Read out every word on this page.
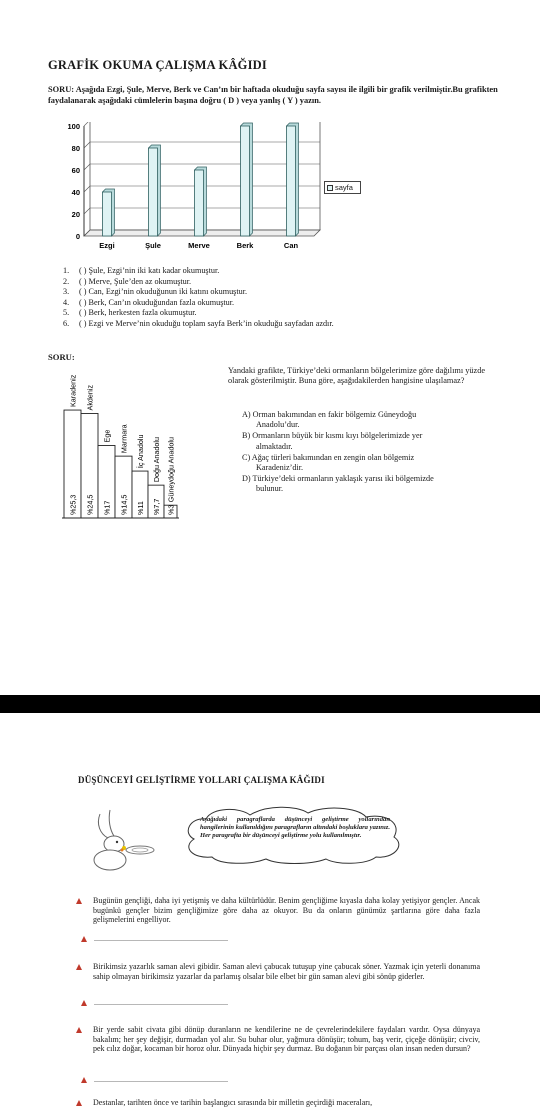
GRAFİK OKUMA ÇALIŞMA KÂĞIDI
SORU: Aşağıda Ezgi, Şule, Merve, Berk ve Can’ın bir haftada okuduğu sayfa sayısı ile ilgili bir grafik verilmiştir.Bu grafikten faydalanarak aşağıdaki cümlelerin başına doğru ( D ) veya yanlış ( Y ) yazın.
0
20
40
60
80
100
Ezgi	Şule	Merve	Berk	Can
sayfa
1. ( ) Şule, Ezgi’nin iki katı kadar okumuştur.
2. ( ) Merve, Şule’den az okumuştur.
3. ( ) Can, Ezgi’nin okuduğunun iki katını okumuştur.
4. ( ) Berk, Can’ın okuduğundan fazla okumuştur.
5. ( ) Berk, herkesten fazla okumuştur.
6. ( ) Ezgi ve Merve’nin okuduğu toplam sayfa Berk’in okuduğu sayfadan azdır.
SORU:
%25,3
Karadeniz
%24,5
Akdeniz
%17
Ege
%14,5
Marmara
%11
İç Anadolu
%7,7
Doğu Anadolu
%3
Güneydoğu Anadolu
Yandaki grafikte, Türkiye’deki ormanların bölgelerimize göre dağılımı yüzde olarak gösterilmiştir. Buna göre, aşağıdakilerden hangisine ulaşılamaz?
A) Orman bakımından en fakir bölgemiz Güneydoğu
Anadolu’dur.
B) Ormanların büyük bir kısmı kıyı bölgelerimizde yer
almaktadır.
C) Ağaç türleri bakımından en zengin olan bölgemiz
Karadeniz’dir.
D) Türkiye’deki ormanların yaklaşık yarısı iki bölgemizde
bulunur.
DÜŞÜNCEYİ GELİŞTİRME YOLLARI ÇALIŞMA KÂĞIDI
Aşağıdaki paragraflarda düşünceyi geliştirme yollarından hangilerinin kullanıldığını paragrafların altındaki boşluklara yazınız. Her paragrafta bir düşünceyi geliştirme yolu kullanılmıştır.
Bugünün gençliği, daha iyi yetişmiş ve daha kültürlüdür. Benim gençliğime kıyasla daha kolay yetişiyor gençler. Ancak bugünkü gençler bizim gençliğimize göre daha az okuyor. Bu da onların günümüz şartlarına göre daha fazla gelişmelerini engelliyor.
...................................................................
Birikimsiz yazarlık saman alevi gibidir. Saman alevi çabucak tutuşup yine çabucak söner. Yazmak için yeterli donanıma sahip olmayan birikimsiz yazarlar da parlamış olsalar bile elbet bir gün saman alevi gibi sönüp giderler.
...................................................................
Bir yerde sabit civata gibi dönüp duranların ne kendilerine ne de çevrelerindekilere faydaları vardır. Oysa dünyaya bakalım; her şey değişir, durmadan yol alır. Su buhar olur, yağmura dönüşür; tohum, baş verir, çiçeğe dönüşür; civciv, pek cılız doğar, kocaman bir horoz olur. Dünyada hiçbir şey durmaz. Bu doğanın bir parçası olan insan neden dursun?
...................................................................
Destanlar, tarihten önce ve tarihin başlangıcı sırasında bir milletin geçirdiği maceraları,
